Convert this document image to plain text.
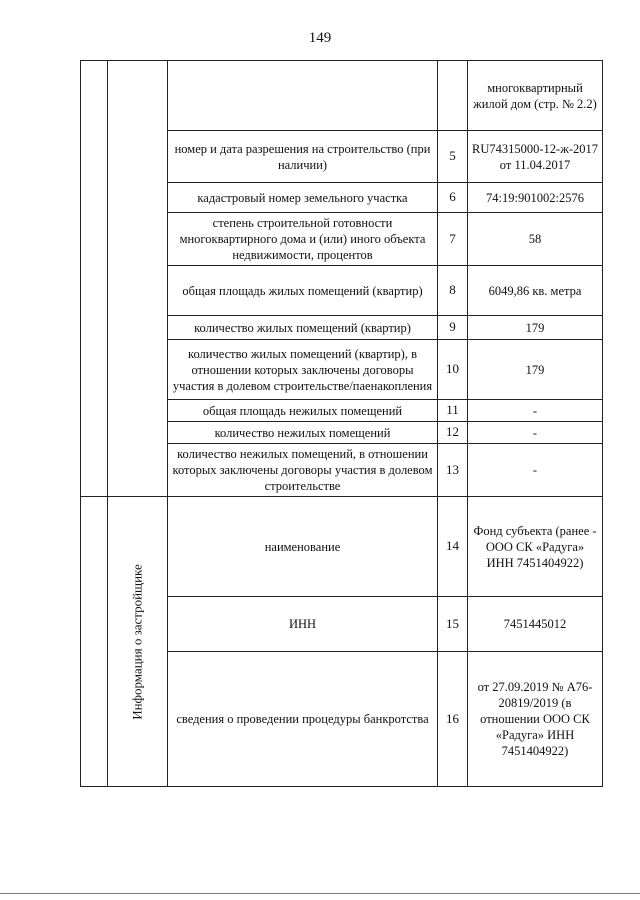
149
				многоквартирный жилой дом (стр. № 2.2)
		номер и дата разрешения на строительство (при наличии)	5	RU74315000-12-ж-2017 от 11.04.2017
		кадастровый номер земельного участка	6	74:19:901002:2576
		степень строительной готовности многоквартирного дома и (или) иного объекта недвижимости, процентов	7	58
		общая площадь жилых помещений (квартир)	8	6049,86 кв. метра
		количество жилых помещений (квартир)	9	179
		количество жилых помещений (квартир), в отношении которых заключены договоры участия в долевом строительстве/паенакопления	10	179
		общая площадь нежилых помещений	11	-
		количество нежилых помещений	12	-
		количество нежилых помещений, в отношении которых заключены договоры участия в долевом строительстве	13	-

	Информация о застройщике	наименование	14	Фонд субъекта (ранее - ООО СК «Радуга» ИНН 7451404922)
		ИНН	15	7451445012
		сведения о проведении процедуры банкротства	16	от 27.09.2019 № А76-20819/2019 (в отношении ООО СК «Радуга» ИНН 7451404922)
